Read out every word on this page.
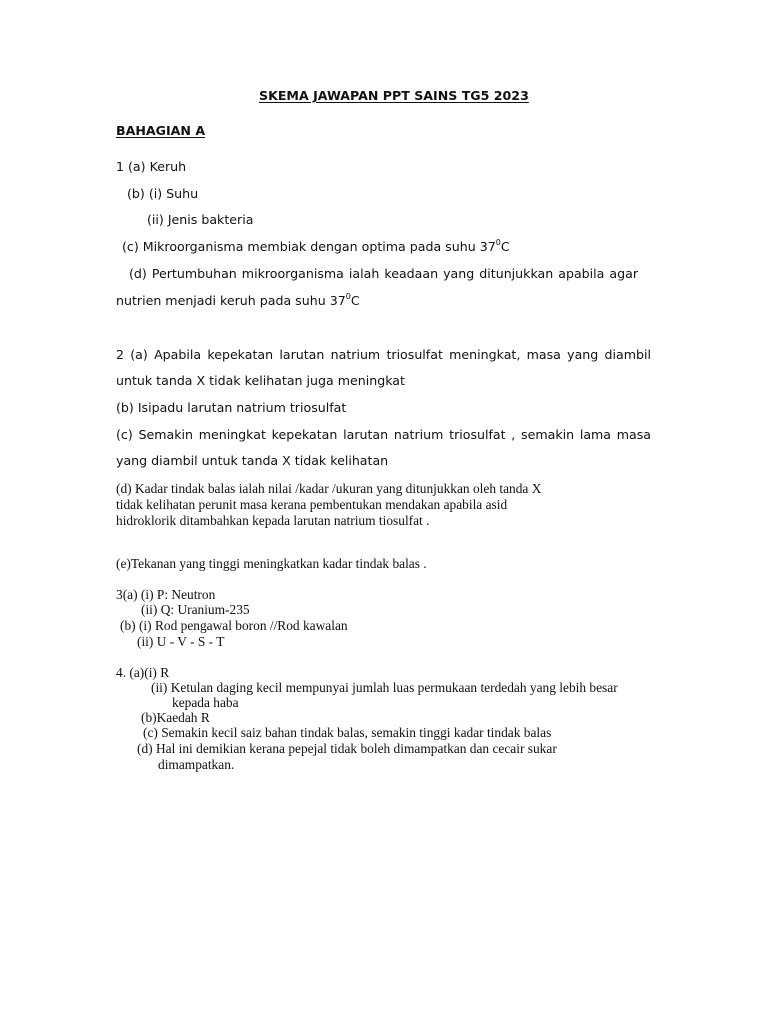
SKEMA JAWAPAN PPT SAINS TG5 2023
BAHAGIAN A
1 (a) Keruh
(b) (i) Suhu
(ii) Jenis bakteria
(c) Mikroorganisma membiak dengan optima pada suhu $37^0C$
(d) Pertumbuhan mikroorganisma ialah keadaan yang ditunjukkan apabila agar
nutrien menjadi keruh pada suhu $37^0C$
2 (a) Apabila kepekatan larutan natrium triosulfat meningkat, masa yang diambil
untuk tanda X tidak kelihatan juga meningkat
(b) Isipadu larutan natrium triosulfat
(c) Semakin meningkat kepekatan larutan natrium triosulfat , semakin lama masa
yang diambil untuk tanda X tidak kelihatan
(d) Kadar tindak balas ialah nilai /kadar /ukuran yang ditunjukkan oleh tanda X
tidak kelihatan perunit masa kerana pembentukan mendakan apabila asid
hidroklorik ditambahkan kepada larutan natrium tiosulfat .
(e)Tekanan yang tinggi meningkatkan kadar tindak balas .
3(a) (i) P: Neutron
(ii) Q: Uranium-235
(b) (i) Rod pengawal boron //Rod kawalan
(ii) U - V - S - T
4. (a)(i) R
(ii) Ketulan daging kecil mempunyai jumlah luas permukaan terdedah yang lebih besar
kepada haba
(b)Kaedah R
(c) Semakin kecil saiz bahan tindak balas, semakin tinggi kadar tindak balas
(d) Hal ini demikian kerana pepejal tidak boleh dimampatkan dan cecair sukar
dimampatkan.
